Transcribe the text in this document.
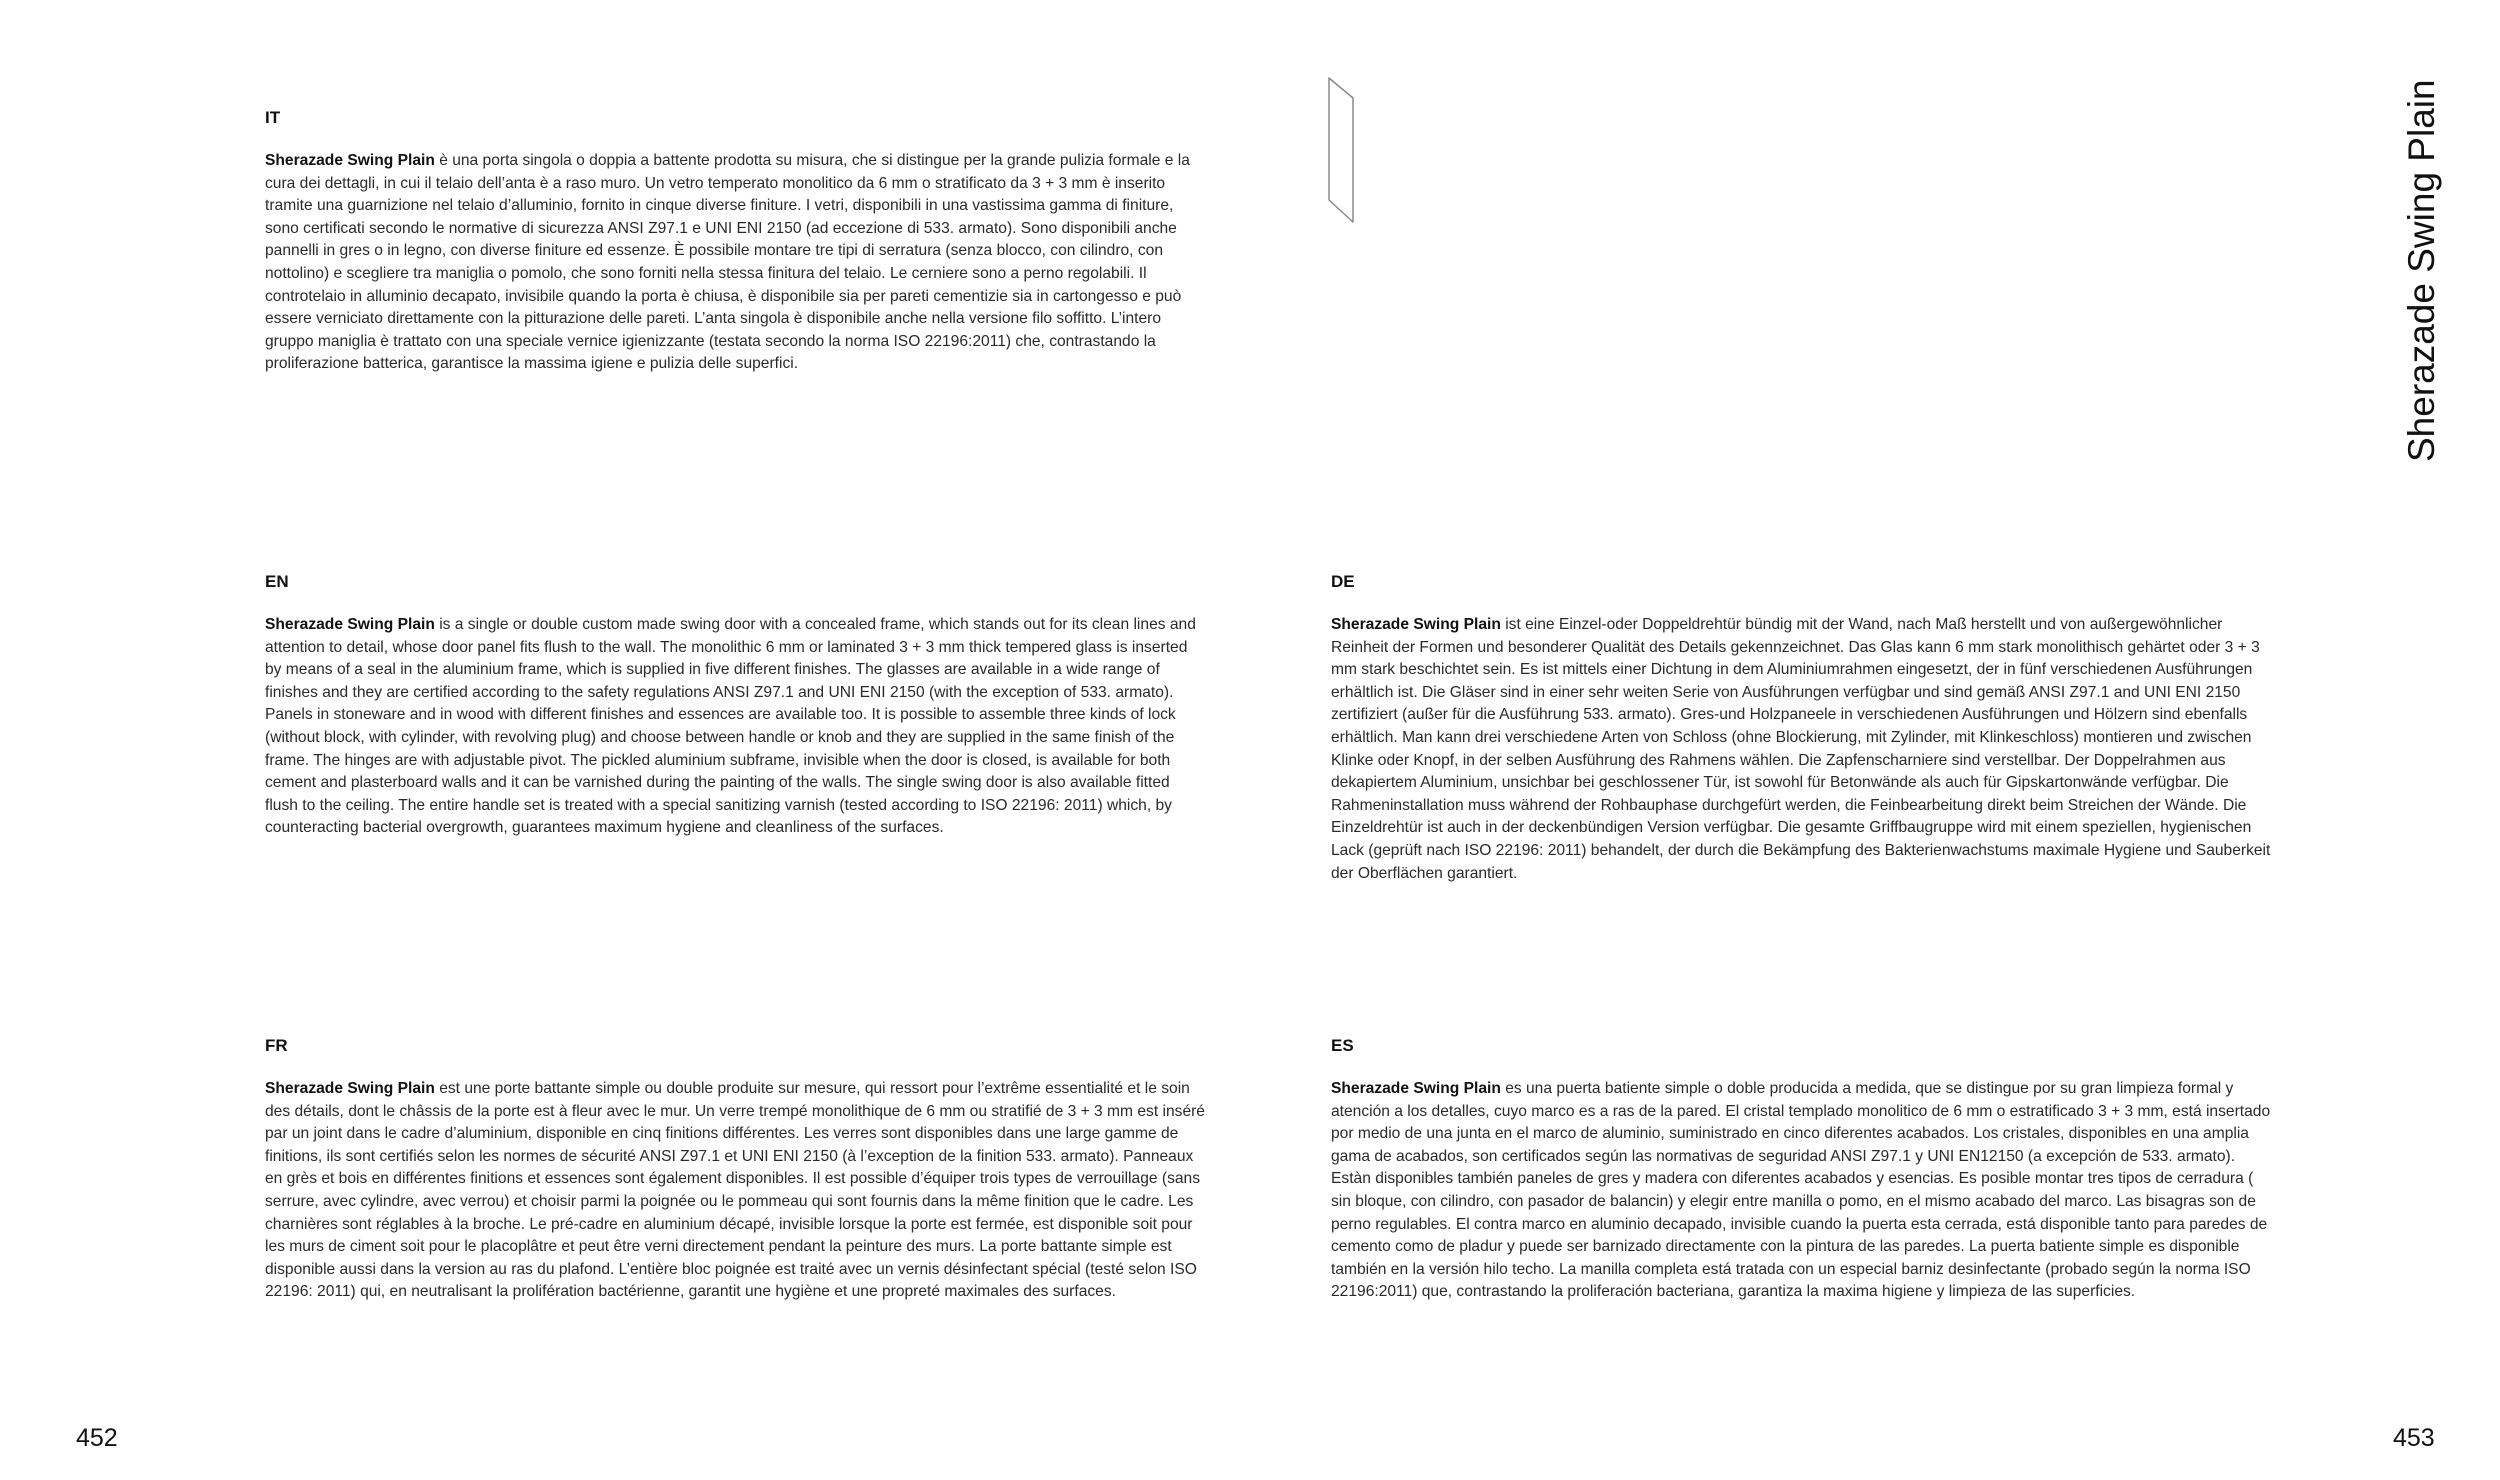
IT

Sherazade Swing Plain è una porta singola o doppia a battente prodotta su misura, che si distingue per la grande pulizia formale e la cura dei dettagli, in cui il telaio dell’anta è a raso muro. Un vetro temperato monolitico da 6 mm o stratificato da 3 + 3 mm è inserito tramite una guarnizione nel telaio d’alluminio, fornito in cinque diverse finiture. I vetri, disponibili in una vastissima gamma di finiture, sono certificati secondo le normative di sicurezza ANSI Z97.1 e UNI ENI 2150 (ad eccezione di 533. armato). Sono disponibili anche pannelli in gres o in legno, con diverse finiture ed essenze. È possibile montare tre tipi di serratura (senza blocco, con cilindro, con nottolino) e scegliere tra maniglia o pomolo, che sono forniti nella stessa finitura del telaio. Le cerniere sono a perno regolabili. Il controtelaio in alluminio decapato, invisibile quando la porta è chiusa, è disponibile sia per pareti cementizie sia in cartongesso e può essere verniciato direttamente con la pitturazione delle pareti. L’anta singola è disponibile anche nella versione filo soffitto. L’intero gruppo maniglia è trattato con una speciale vernice igienizzante (testata secondo la norma ISO 22196:2011) che, contrastando la proliferazione batterica, garantisce la massima igiene e pulizia delle superfici.

EN

Sherazade Swing Plain is a single or double custom made swing door with a concealed frame, which stands out for its clean lines and attention to detail, whose door panel fits flush to the wall. The monolithic 6 mm or laminated 3 + 3 mm thick tempered glass is inserted by means of a seal in the aluminium frame, which is supplied in five different finishes. The glasses are available in a wide range of finishes and they are certified according to the safety regulations ANSI Z97.1 and UNI ENI 2150 (with the exception of 533. armato). Panels in stoneware and in wood with different finishes and essences are available too. It is possible to assemble three kinds of lock (without block, with cylinder, with revolving plug) and choose between handle or knob and they are supplied in the same finish of the frame. The hinges are with adjustable pivot. The pickled aluminium subframe, invisible when the door is closed, is available for both cement and plasterboard walls and it can be varnished during the painting of the walls. The single swing door is also available fitted flush to the ceiling. The entire handle set is treated with a special sanitizing varnish (tested according to ISO 22196: 2011) which, by counteracting bacterial overgrowth, guarantees maximum hygiene and cleanliness of the surfaces.

FR

Sherazade Swing Plain est une porte battante simple ou double produite sur mesure, qui ressort pour l’extrême essentialité et le soin des détails, dont le châssis de la porte est à fleur avec le mur. Un verre trempé monolithique de 6 mm ou stratifié de 3 + 3 mm est inséré par un joint dans le cadre d’aluminium, disponible en cinq finitions différentes. Les verres sont disponibles dans une large gamme de finitions, ils sont certifiés selon les normes de sécurité ANSI Z97.1 et UNI ENI 2150 (à l’exception de la finition 533. armato). Panneaux en grès et bois en différentes finitions et essences sont également disponibles. Il est possible d’équiper trois types de verrouillage (sans serrure, avec cylindre, avec verrou) et choisir parmi la poignée ou le pommeau qui sont fournis dans la même finition que le cadre. Les charnières sont réglables à la broche. Le pré-cadre en aluminium décapé, invisible lorsque la porte est fermée, est disponible soit pour les murs de ciment soit pour le placoplâtre et peut être verni directement pendant la peinture des murs. La porte battante simple est disponible aussi dans la version au ras du plafond. L’entière bloc poignée est traité avec un vernis désinfectant spécial (testé selon ISO 22196: 2011) qui, en neutralisant la prolifération bactérienne, garantit une hygiène et une propreté maximales des surfaces.

DE

Sherazade Swing Plain ist eine Einzel-oder Doppeldrehtür bündig mit der Wand, nach Maß herstellt und von außergewöhnlicher Reinheit der Formen und besonderer Qualität des Details gekennzeichnet. Das Glas kann 6 mm stark monolithisch gehärtet oder 3 + 3 mm stark beschichtet sein. Es ist mittels einer Dichtung in dem Aluminiumrahmen eingesetzt, der in fünf verschiedenen Ausführungen erhältlich ist. Die Gläser sind in einer sehr weiten Serie von Ausführungen verfügbar und sind gemäß ANSI Z97.1 and UNI ENI 2150 zertifiziert (außer für die Ausführung 533. armato). Gres-und Holzpaneele in verschiedenen Ausführungen und Hölzern sind ebenfalls erhältlich. Man kann drei verschiedene Arten von Schloss (ohne Blockierung, mit Zylinder, mit Klinkeschloss) montieren und zwischen Klinke oder Knopf, in der selben Ausführung des Rahmens wählen. Die Zapfenscharniere sind verstellbar. Der Doppelrahmen aus dekapiertem Aluminium, unsichbar bei geschlossener Tür, ist sowohl für Betonwände als auch für Gipskartonwände verfügbar. Die Rahmeninstallation muss während der Rohbauphase durchgefürt werden, die Feinbearbeitung direkt beim Streichen der Wände. Die Einzeldrehtür ist auch in der deckenbündigen Version verfügbar. Die gesamte Griffbaugruppe wird mit einem speziellen, hygienischen Lack (geprüft nach ISO 22196: 2011) behandelt, der durch die Bekämpfung des Bakterienwachstums maximale Hygiene und Sauberkeit der Oberflächen garantiert.

ES

Sherazade Swing Plain es una puerta batiente simple o doble producida a medida, que se distingue por su gran limpieza formal y atención a los detalles, cuyo marco es a ras de la pared. El cristal templado monolitico de 6 mm o estratificado 3 + 3 mm, está insertado por medio de una junta en el marco de aluminio, suministrado en cinco diferentes acabados. Los cristales, disponibles en una amplia gama de acabados, son certificados según las normativas de seguridad ANSI Z97.1 y UNI EN12150 (a excepción de 533. armato). Estàn disponibles también paneles de gres y madera con diferentes acabados y esencias. Es posible montar tres tipos de cerradura ( sin bloque, con cilindro, con pasador de balancin) y elegir entre manilla o pomo, en el mismo acabado del marco. Las bisagras son de perno regulables. El contra marco en aluminio decapado, invisible cuando la puerta esta cerrada, está disponible tanto para paredes de cemento como de pladur y puede ser barnizado directamente con la pintura de las paredes. La puerta batiente simple es disponible también en la versión hilo techo. La manilla completa está tratada con un especial barniz desinfectante (probado según la norma ISO 22196:2011) que, contrastando la proliferación bacteriana, garantiza la maxima higiene y limpieza de las superficies.

Sherazade Swing Plain
452	453
